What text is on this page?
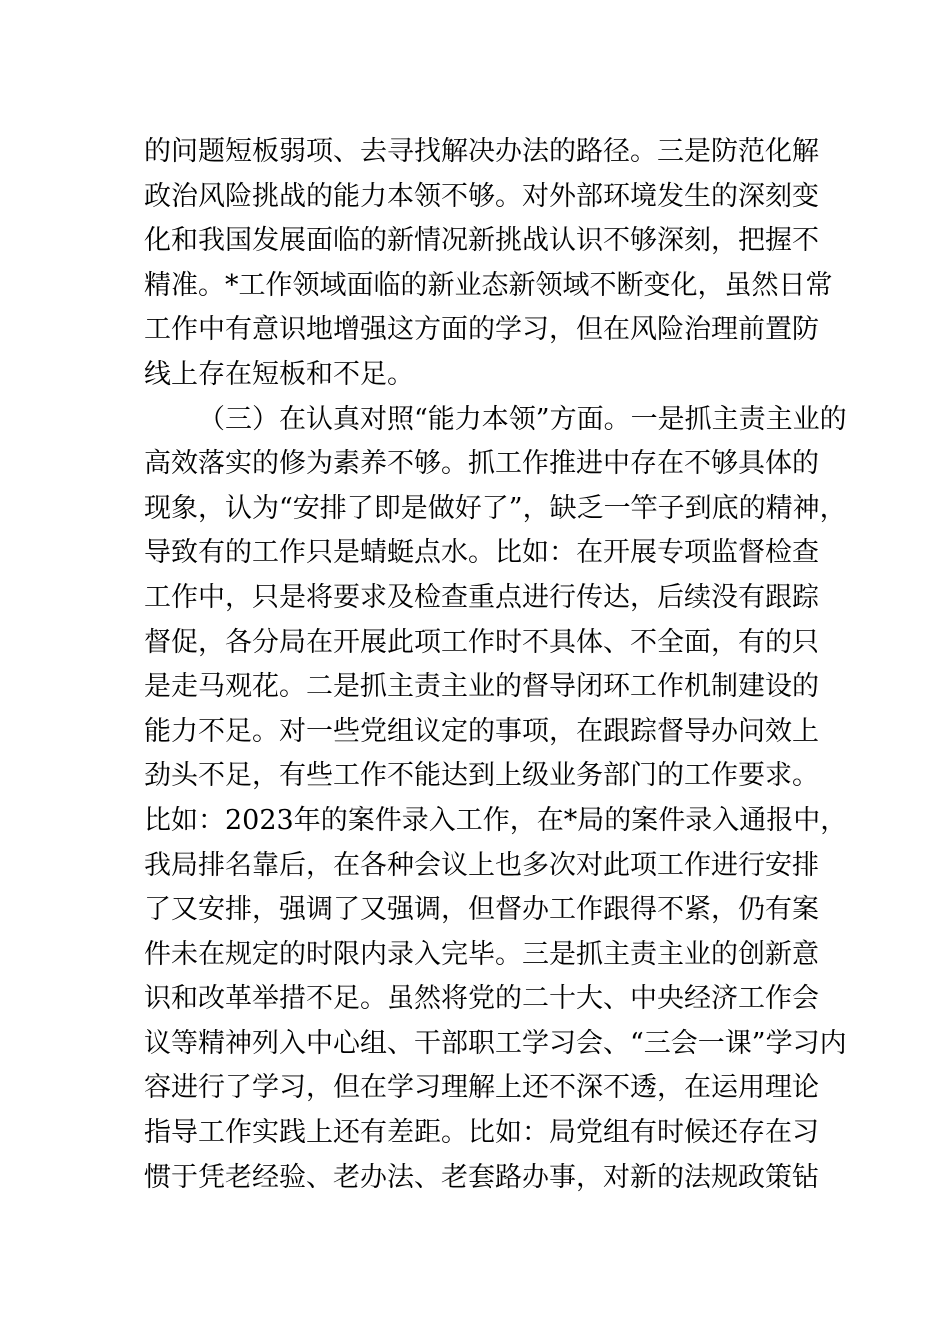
的问题短板弱项、去寻找解决办法的路径。三是防范化解
政治风险挑战的能力本领不够。对外部环境发生的深刻变
化和我国发展面临的新情况新挑战认识不够深刻，把握不
精准。*工作领域面临的新业态新领域不断变化，虽然日常
工作中有意识地增强这方面的学习，但在风险治理前置防
线上存在短板和不足。
（三）在认真对照“能力本领”方面。一是抓主责主业的
高效落实的修为素养不够。抓工作推进中存在不够具体的
现象，认为“安排了即是做好了”，缺乏一竿子到底的精神，
导致有的工作只是蜻蜓点水。比如：在开展专项监督检查
工作中，只是将要求及检查重点进行传达，后续没有跟踪
督促，各分局在开展此项工作时不具体、不全面，有的只
是走马观花。二是抓主责主业的督导闭环工作机制建设的
能力不足。对一些党组议定的事项，在跟踪督导办问效上
劲头不足，有些工作不能达到上级业务部门的工作要求。
比如：2023年的案件录入工作，在*局的案件录入通报中，
我局排名靠后，在各种会议上也多次对此项工作进行安排
了又安排，强调了又强调，但督办工作跟得不紧，仍有案
件未在规定的时限内录入完毕。三是抓主责主业的创新意
识和改革举措不足。虽然将党的二十大、中央经济工作会
议等精神列入中心组、干部职工学习会、“三会一课”学习内
容进行了学习，但在学习理解上还不深不透，在运用理论
指导工作实践上还有差距。比如：局党组有时候还存在习
惯于凭老经验、老办法、老套路办事，对新的法规政策钻
